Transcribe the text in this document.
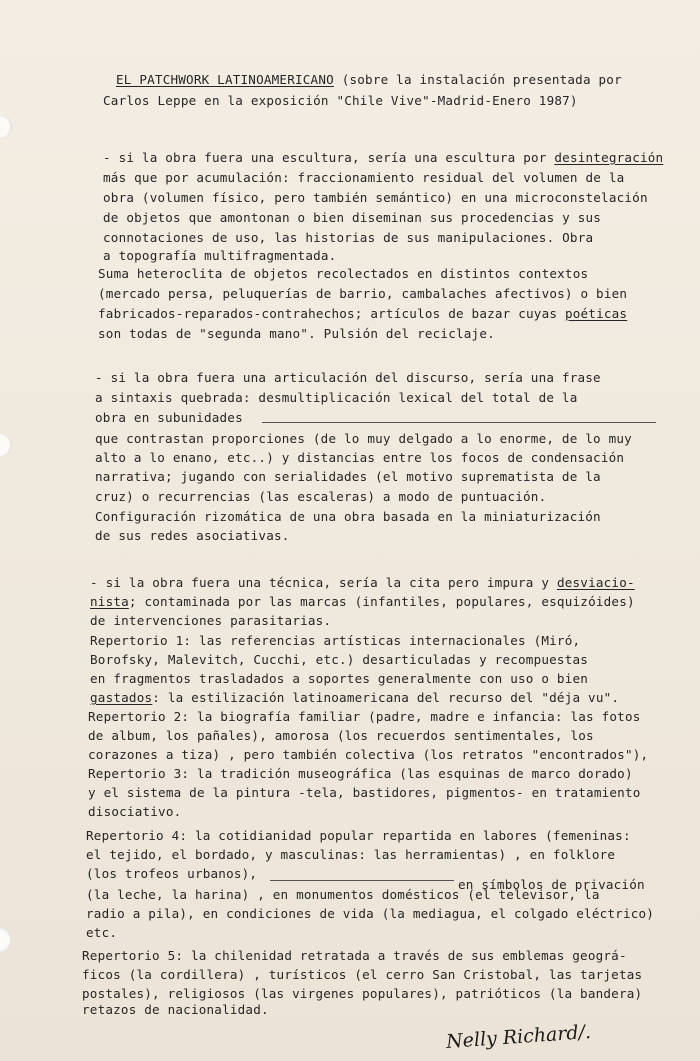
EL PATCHWORK LATINOAMERICANO (sobre la instalación presentada por

Carlos Leppe en la exposición "Chile Vive"-Madrid-Enero 1987)

- si la obra fuera una escultura, sería una escultura por desintegración

más que por acumulación: fraccionamiento residual del volumen de la

obra (volumen físico, pero también semántico) en una microconstelación

de objetos que amontonan o bien diseminan sus procedencias y sus

connotaciones de uso, las historias de sus manipulaciones. Obra

a topografía multifragmentada.

Suma heteroclita de objetos recolectados en distintos contextos

(mercado persa, peluquerías de barrio, cambalaches afectivos) o bien

fabricados-reparados-contrahechos; artículos de bazar cuyas poéticas

son todas de "segunda mano". Pulsión del reciclaje.

- si la obra fuera una articulación del discurso, sería una frase

a sintaxis quebrada: desmultiplicación lexical del total de la

obra en subunidades

que contrastan proporciones (de lo muy delgado a lo enorme, de lo muy

alto a lo enano, etc..) y distancias entre los focos de condensación

narrativa; jugando con serialidades (el motivo suprematista de la

cruz) o recurrencias (las escaleras) a modo de puntuación.

Configuración rizomática de una obra basada en la miniaturización

de sus redes asociativas.

- si la obra fuera una técnica, sería la cita pero impura y desviacio-

nista; contaminada por las marcas (infantiles, populares, esquizóides)

de intervenciones parasitarias.

Repertorio 1: las referencias artísticas internacionales (Miró,

Borofsky, Malevitch, Cucchi, etc.) desarticuladas y recompuestas

en fragmentos trasladados a soportes generalmente con uso o bien

gastados: la estilización latinoamericana del recurso del "déja vu".

Repertorio 2: la biografía familiar (padre, madre e infancia: las fotos

de album, los pañales), amorosa (los recuerdos sentimentales, los

corazones a tiza) , pero también colectiva (los retratos "encontrados"),

Repertorio 3: la tradición museográfica (las esquinas de marco dorado)

y el sistema de la pintura -tela, bastidores, pigmentos- en tratamiento

disociativo.

Repertorio 4: la cotidianidad popular repartida en labores (femeninas:

el tejido, el bordado, y masculinas: las herramientas) , en folklore

(los trofeos urbanos),

en símbolos de privación

(la leche, la harina) , en monumentos domésticos (el televisor, la

radio a pila), en condiciones de vida (la mediagua, el colgado eléctrico)

etc.

Repertorio 5: la chilenidad retratada a través de sus emblemas geográ-

ficos (la cordillera) , turísticos (el cerro San Cristobal, las tarjetas

postales), religiosos (las virgenes populares), patrióticos (la bandera)

retazos de nacionalidad.

Nelly Richard/.
